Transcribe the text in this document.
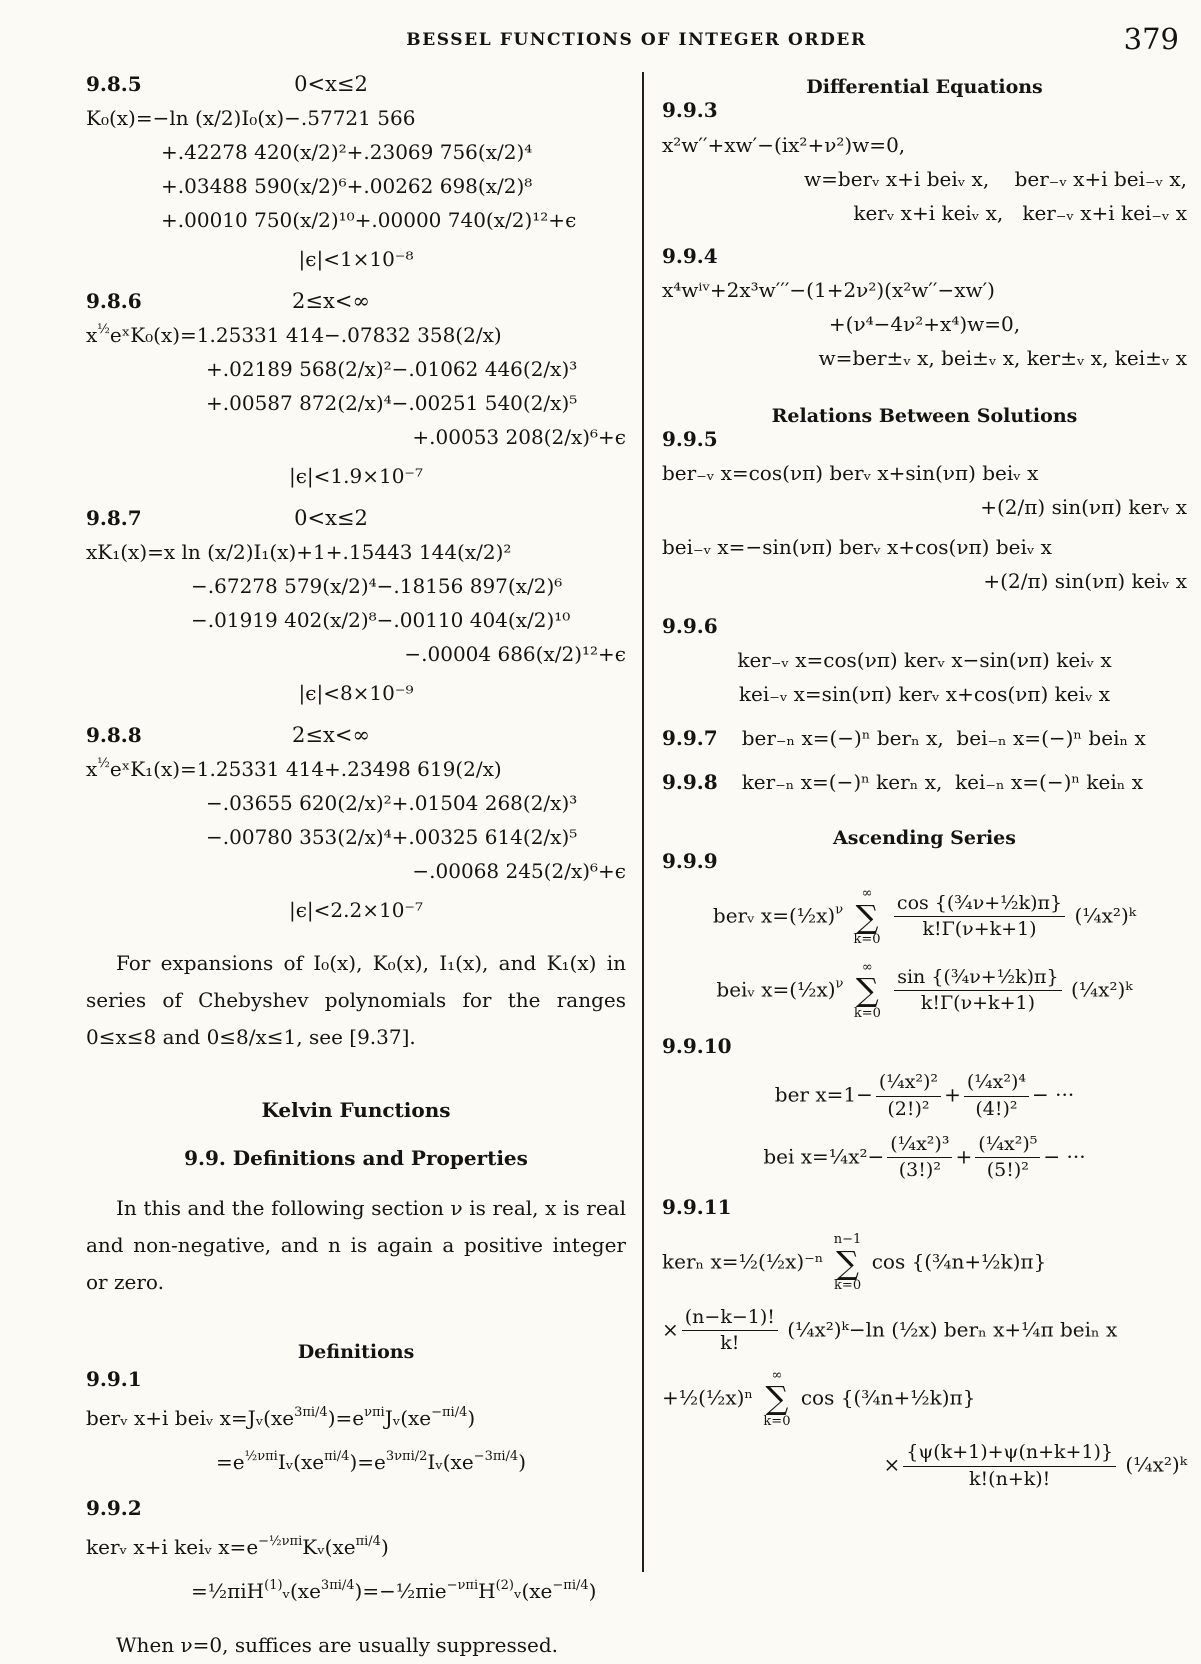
BESSEL FUNCTIONS OF INTEGER ORDER	379
9.8.5	0<x≤2
K₀(x)=−ln (x/2)I₀(x)−.57721 566
+.42278 420(x/2)²+.23069 756(x/2)⁴
+.03488 590(x/2)⁶+.00262 698(x/2)⁸
+.00010 750(x/2)¹⁰+.00000 740(x/2)¹²+ϵ
|ϵ|<1×10⁻⁸
9.8.6	2≤x<∞
$x^{\frac{1}{2}}eˣK_0(x)=1.25331$ 414−.07832 358(2/x)
+.02189 568(2/x)²−.01062 446(2/x)³
+.00587 872(2/x)⁴−.00251 540(2/x)⁵
+.00053 208(2/x)⁶+ϵ
|ϵ|<1.9×10⁻⁷
9.8.7	0<x≤2
xK₁(x)=x ln (x/2)I₁(x)+1+.15443 144(x/2)²
−.67278 579(x/2)⁴−.18156 897(x/2)⁶
−.01919 402(x/2)⁸−.00110 404(x/2)¹⁰
−.00004 686(x/2)¹²+ϵ
|ϵ|<8×10⁻⁹
9.8.8	2≤x<∞
$x^{\frac{1}{2}}eˣK_1(x)=1.25331$ 414+.23498 619(2/x)
−.03655 620(2/x)²+.01504 268(2/x)³
−.00780 353(2/x)⁴+.00325 614(2/x)⁵
−.00068 245(2/x)⁶+ϵ
|ϵ|<2.2×10⁻⁷

For expansions of I₀(x), K₀(x), I₁(x), and K₁(x) in series of Chebyshev polynomials for the ranges 0≤x≤8 and 0≤8/x≤1, see [9.37].

Kelvin Functions
9.9. Definitions and Properties

In this and the following section ν is real, x is real and non-negative, and n is again a positive integer or zero.

Definitions
9.9.1
berᵥ x+i beiᵥ $x=Jᵥ(xe^{3\pi i/4})=e^{\nu\pi i}Jᵥ(xe^{-\pi i/4})$
$=e^{\frac{1}{2}\nu\pi i}Iᵥ(xe^{\pi i/4})=e^{3\nu\pi i/2}Iᵥ(xe^{-3\pi i/4})$
9.9.2
kerᵥ x+i keiᵥ $x=e^{-\frac{1}{2}\nu\pi i}Kᵥ(xe^{\pi i/4})$
$=\frac{1}{2}\pi iH^{(1)}ᵥ(xe^{3\pi i/4})=-\frac{1}{2}\pi ie^{-\nu\pi i}H^{(2)}ᵥ(xe^{-\pi i/4})$

When ν=0, suffices are usually suppressed.

Differential Equations
9.9.3
x²w′′+xw′−(ix²+ν²)w=0,
w=berᵥ x+i beiᵥ x,    ber₋ᵥ x+i bei₋ᵥ x,
kerᵥ x+i keiᵥ x,   ker₋ᵥ x+i kei₋ᵥ x
9.9.4
x⁴wⁱᵛ+2x³w′′′−(1+2ν²)(x²w′′−xw′)
+(ν⁴−4ν²+x⁴)w=0,
w=ber±ᵥ x, bei±ᵥ x, ker±ᵥ x, kei±ᵥ x
Relations Between Solutions
9.9.5
ber₋ᵥ x=cos(νπ) berᵥ x+sin(νπ) beiᵥ x
+(2/π) sin(νπ) kerᵥ x
bei₋ᵥ x=−sin(νπ) berᵥ x+cos(νπ) beiᵥ x
+(2/π) sin(νπ) keiᵥ x
9.9.6
ker₋ᵥ x=cos(νπ) kerᵥ x−sin(νπ) keiᵥ x
kei₋ᵥ x=sin(νπ) kerᵥ x+cos(νπ) keiᵥ x
9.9.7 ber₋ₙ x=(−)ⁿ berₙ x,  bei₋ₙ x=(−)ⁿ beiₙ x
9.9.8 ker₋ₙ x=(−)ⁿ kerₙ x,  kei₋ₙ x=(−)ⁿ keiₙ x
Ascending Series
9.9.9
berᵥ x=(½x)$^\nu$
∞
∑
k=0
$\frac{\text{cos \{(¾ν+½k)π\}}}{k!\Gamma(\nu+k+1)}$ (¼x²)ᵏ
beiᵥ x=(½x)$^\nu$
∞
∑
k=0
$\frac{\text{sin \{(¾ν+½k)π\}}}{k!\Gamma(\nu+k+1)}$ (¼x²)ᵏ
9.9.10
ber $x=1- \frac{\text{(¼x²)²}}{\text{(2!)²}} + \frac{\text{(¼x²)⁴}}{\text{(4!)²}}$ − ···
bei x=¼x²− $\frac{\text{(¼x²)³}}{\text{(3!)²}} + \frac{\text{(¼x²)⁵}}{\text{(5!)²}}$ − ···
9.9.11
kerₙ x=½(½x)⁻ⁿ
n−1
∑
k=0
cos {(¾n+½k)π}
× $\frac{(n-k-1)!}{k!}$ (¼x²)ᵏ−ln (½x) berₙ x+¼π beiₙ x
+½(½x)ⁿ
∞
∑
k=0
cos {(¾n+½k)π}
× $\frac{\{\psi(k+1)+\psi(n+k+1)\}}{k!(n+k)!}$ (¼x²)ᵏ
